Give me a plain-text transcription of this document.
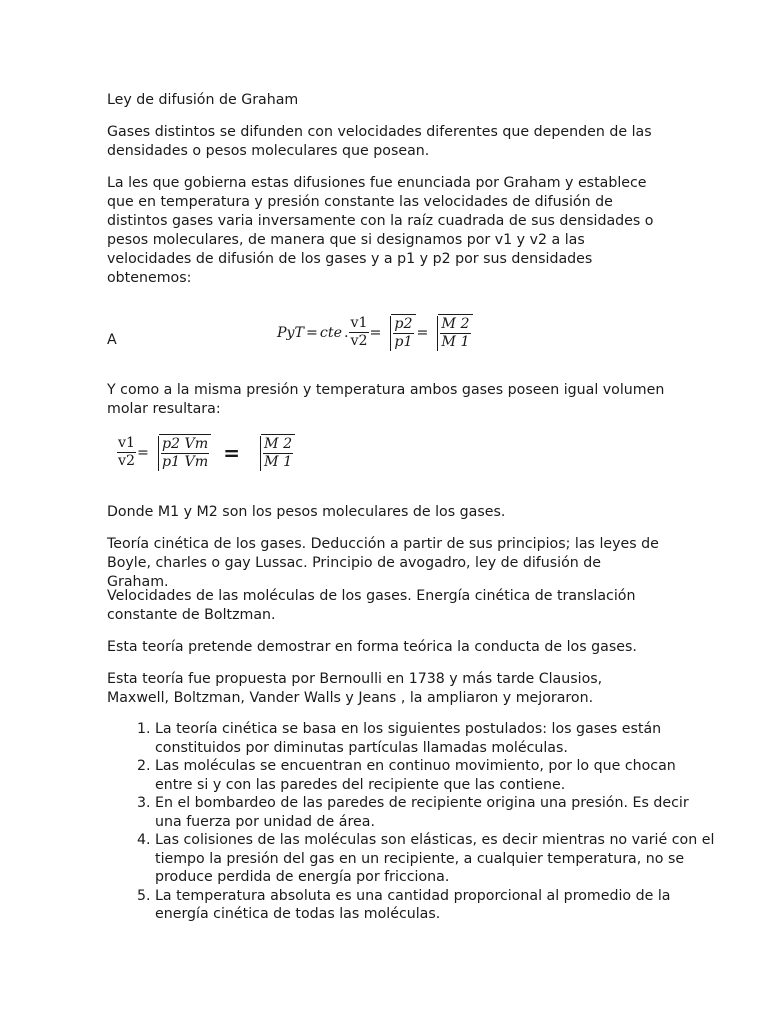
Ley de difusión de Graham

Gases distintos se difunden con velocidades diferentes que dependen de las densidades o pesos moleculares que posean.

La les que gobierna estas difusiones fue enunciada por Graham y establece que en temperatura y presión constante las velocidades de difusión de distintos gases varia inversamente con la raíz cuadrada de sus densidades o pesos moleculares, de manera que si designamos por v1 y v2 a las velocidades de difusión de los gases y a p1 y p2 por sus densidades obtenemos:

A	PyT = cte . $\frac{v1}{v2} = \frac{p2}{p1} = \frac{M 2}{M 1}$

Y como a la misma presión y temperatura ambos gases poseen igual volumen molar resultara:

$\frac{v1}{v2} = \frac{p2 Vm}{p1 Vm} = \frac{M 2}{M 1}$

Donde M1 y M2 son los pesos moleculares de los gases.

Teoría cinética de los gases. Deducción a partir de sus principios; las leyes de Boyle, charles o gay Lussac. Principio de avogadro, ley de difusión de Graham.

Velocidades de las moléculas de los gases. Energía cinética de translación constante de Boltzman.

Esta teoría pretende demostrar en forma teórica la conducta de los gases.

Esta teoría fue propuesta por Bernoulli en 1738 y más tarde Clausios, Maxwell, Boltzman, Vander Walls y Jeans , la ampliaron y mejoraron.

1. La teoría cinética se basa en los siguientes postulados: los gases están constituidos por diminutas partículas llamadas moléculas.
2. Las moléculas se encuentran en continuo movimiento, por lo que chocan entre si y con las paredes del recipiente que las contiene.
3. En el bombardeo de las paredes de recipiente origina una presión. Es decir una fuerza por unidad de área.
4. Las colisiones de las moléculas son elásticas, es decir mientras no varié con el tiempo la presión del gas en un recipiente, a cualquier temperatura, no se produce perdida de energía por fricciona.
5. La temperatura absoluta es una cantidad proporcional al promedio de la energía cinética de todas las moléculas.
